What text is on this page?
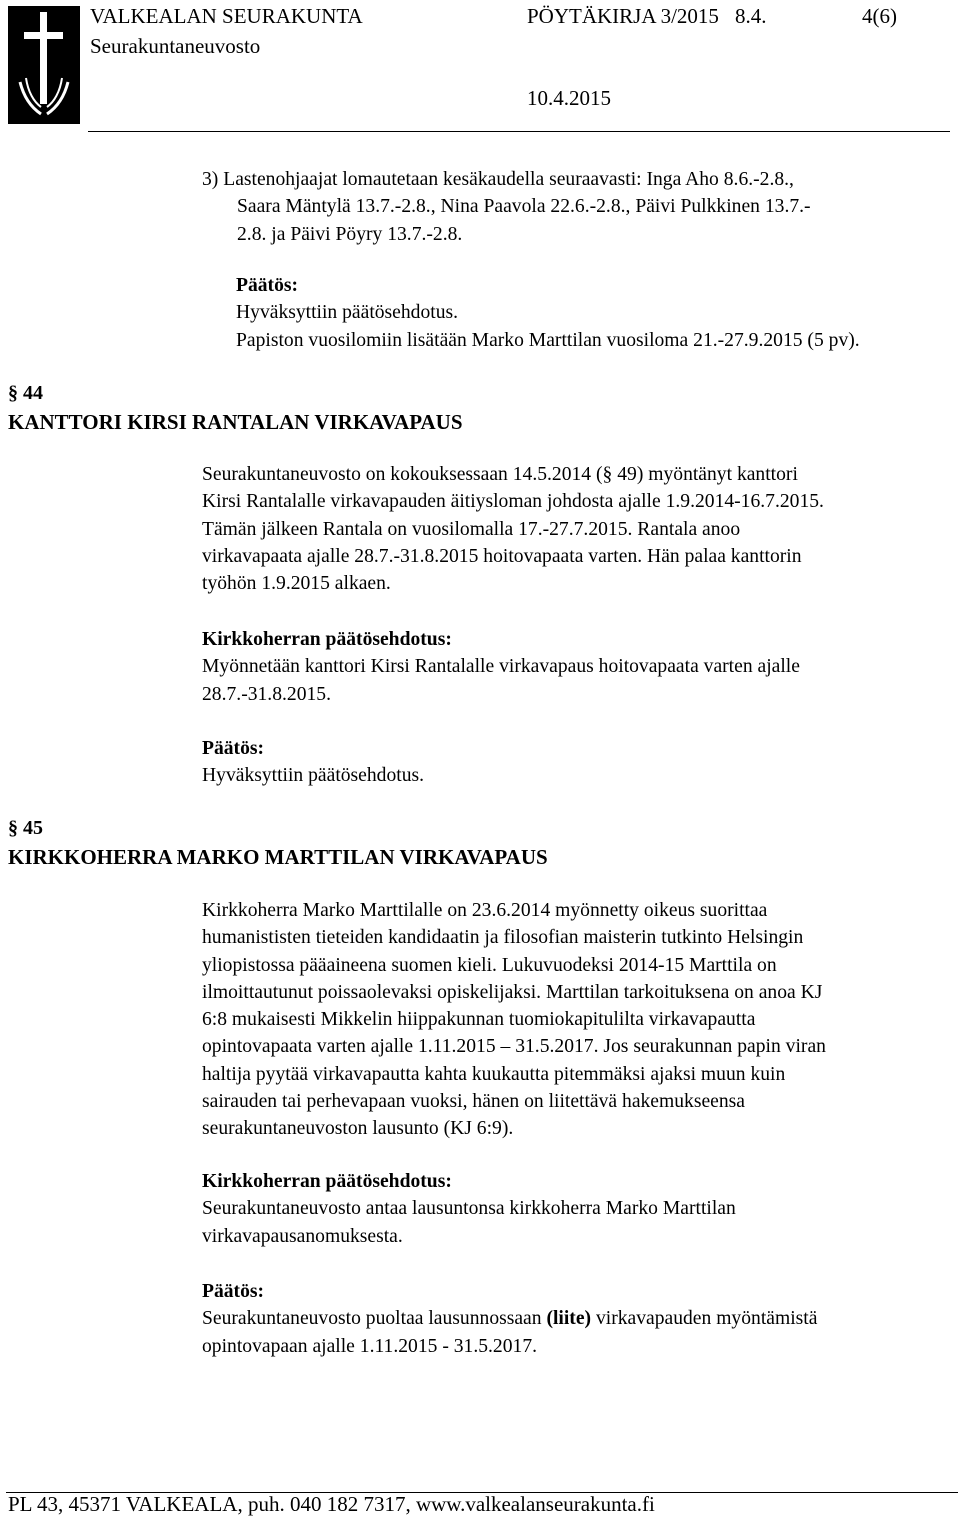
VALKEALAN SEURAKUNTA	PÖYTÄKIRJA 3/2015 8.4.	4(6)
Seurakuntaneuvosto
10.4.2015
3) Lastenohjaajat lomautetaan kesäkaudella seuraavasti: Inga Aho 8.6.-2.8.,
Saara Mäntylä 13.7.-2.8., Nina Paavola 22.6.-2.8., Päivi Pulkkinen 13.7.-
2.8. ja Päivi Pöyry 13.7.-2.8.
Päätös:
Hyväksyttiin päätösehdotus.
Papiston vuosilomiin lisätään Marko Marttilan vuosiloma 21.-27.9.2015 (5 pv).
§ 44
KANTTORI KIRSI RANTALAN VIRKAVAPAUS
Seurakuntaneuvosto on kokouksessaan 14.5.2014 (§ 49) myöntänyt kanttori
Kirsi Rantalalle virkavapauden äitiysloman johdosta ajalle 1.9.2014-16.7.2015.
Tämän jälkeen Rantala on vuosilomalla 17.-27.7.2015. Rantala anoo
virkavapaata ajalle 28.7.-31.8.2015 hoitovapaata varten. Hän palaa kanttorin
työhön 1.9.2015 alkaen.
Kirkkoherran päätösehdotus:
Myönnetään kanttori Kirsi Rantalalle virkavapaus hoitovapaata varten ajalle
28.7.-31.8.2015.
Päätös:
Hyväksyttiin päätösehdotus.
§ 45
KIRKKOHERRA MARKO MARTTILAN VIRKAVAPAUS
Kirkkoherra Marko Marttilalle on 23.6.2014 myönnetty oikeus suorittaa
humanististen tieteiden kandidaatin ja filosofian maisterin tutkinto Helsingin
yliopistossa pääaineena suomen kieli. Lukuvuodeksi 2014-15 Marttila on
ilmoittautunut poissaolevaksi opiskelijaksi. Marttilan tarkoituksena on anoa KJ
6:8 mukaisesti Mikkelin hiippakunnan tuomiokapitulilta virkavapautta
opintovapaata varten ajalle 1.11.2015 – 31.5.2017. Jos seurakunnan papin viran
haltija pyytää virkavapautta kahta kuukautta pitemmäksi ajaksi muun kuin
sairauden tai perhevapaan vuoksi, hänen on liitettävä hakemukseensa
seurakuntaneuvoston lausunto (KJ 6:9).
Kirkkoherran päätösehdotus:
Seurakuntaneuvosto antaa lausuntonsa kirkkoherra Marko Marttilan
virkavapausanomuksesta.
Päätös:
Seurakuntaneuvosto puoltaa lausunnossaan (liite) virkavapauden myöntämistä
opintovapaan ajalle 1.11.2015 - 31.5.2017.
PL 43, 45371 VALKEALA, puh. 040 182 7317, www.valkealanseurakunta.fi
